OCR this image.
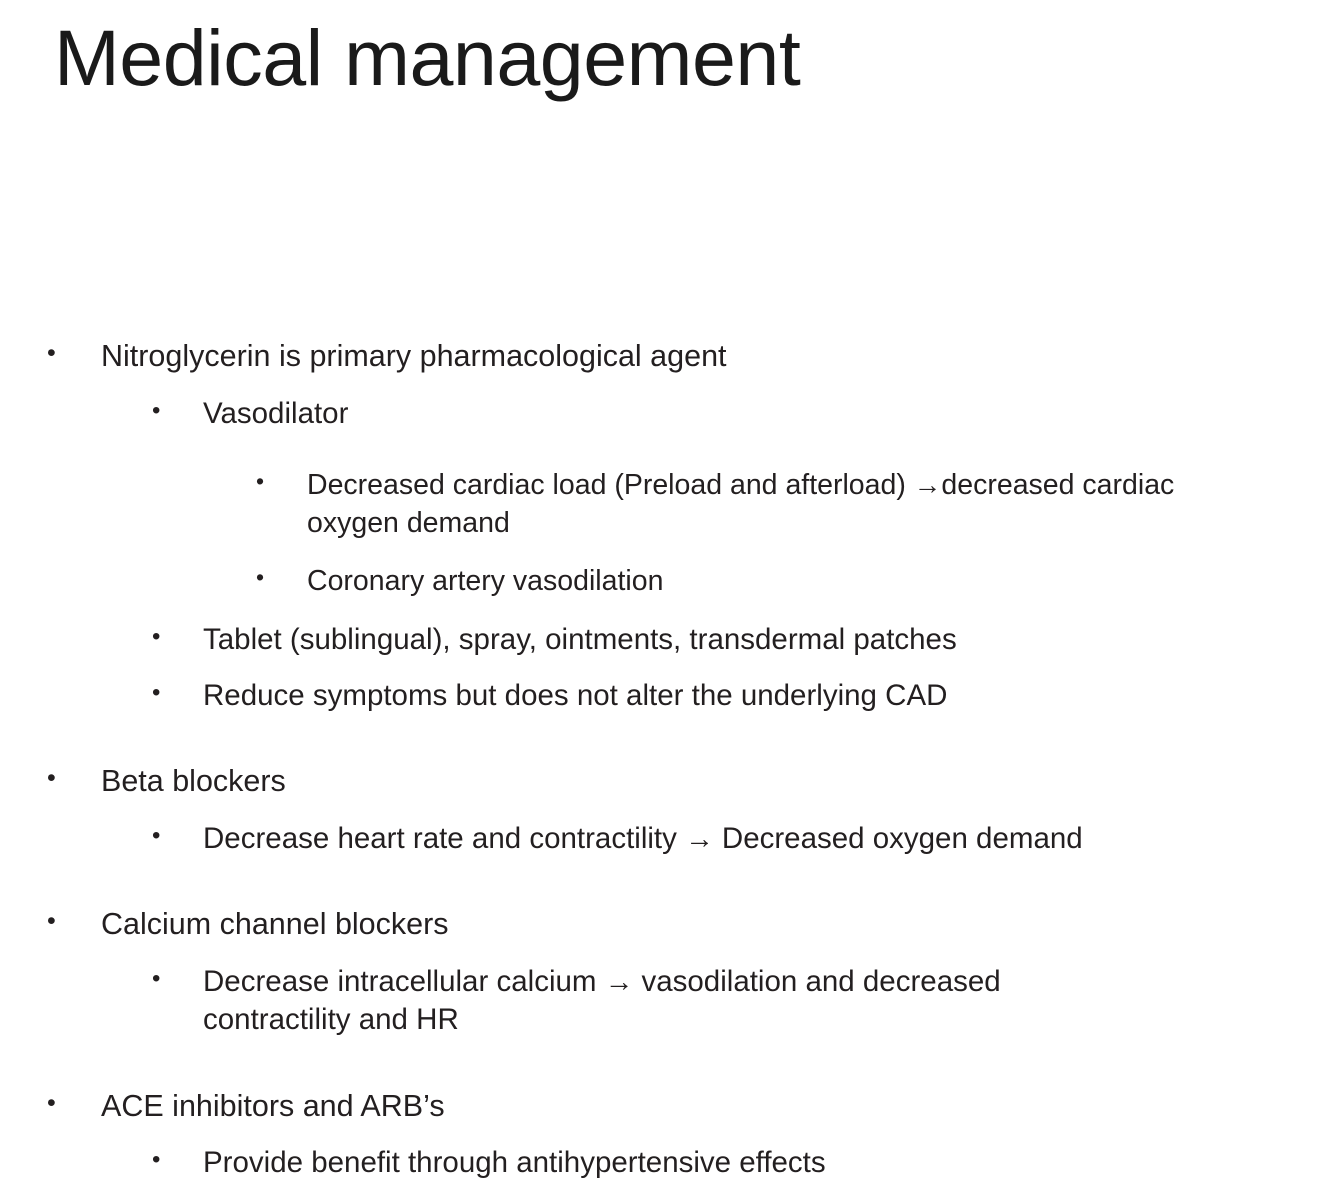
Medical management
• Nitroglycerin is primary pharmacological agent
• Vasodilator
• Decreased cardiac load (Preload and afterload) →decreased cardiac oxygen demand
• Coronary artery vasodilation
• Tablet (sublingual), spray, ointments, transdermal patches
• Reduce symptoms but does not alter the underlying CAD
• Beta blockers
• Decrease heart rate and contractility → Decreased oxygen demand
• Calcium channel blockers
• Decrease intracellular calcium → vasodilation and decreased contractility and HR
• ACE inhibitors and ARB’s
• Provide benefit through antihypertensive effects
